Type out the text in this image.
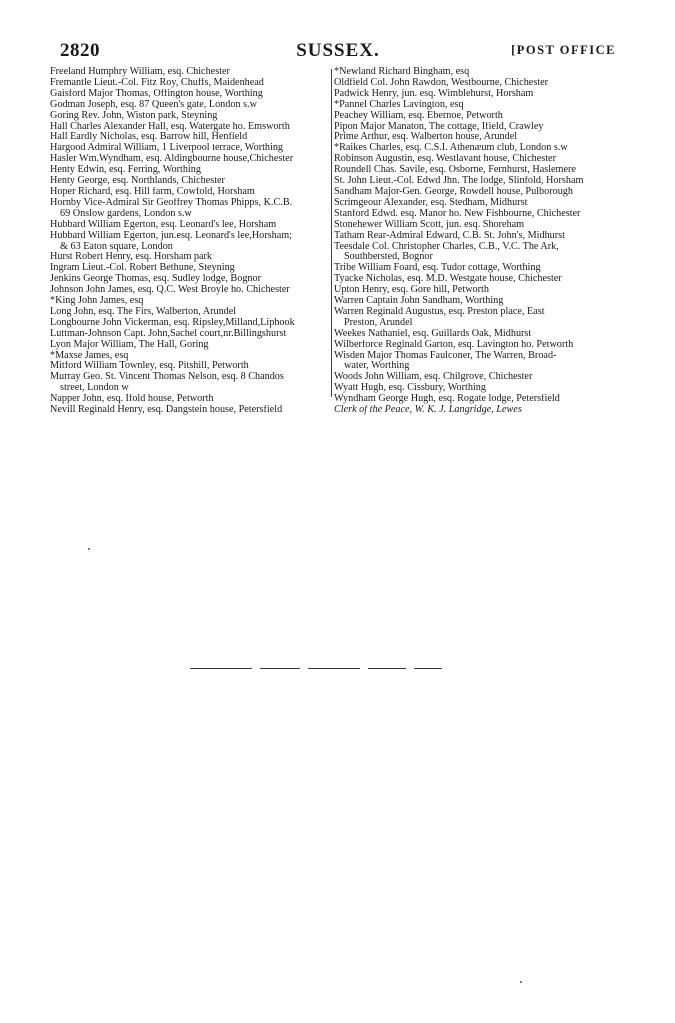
2820	SUSSEX.	[POST OFFICE
Freeland Humphry William, esq. Chichester
Fremantle Lieut.-Col. Fitz Roy, Chuffs, Maidenhead
Gaisford Major Thomas, Offington house, Worthing
Godman Joseph, esq. 87 Queen's gate, London s.w
Goring Rev. John, Wiston park, Steyning
Hall Charles Alexander Hall, esq. Watergate ho. Emsworth
Hall Eardly Nicholas, esq. Barrow hill, Henfield
Hargood Admiral William, 1 Liverpool terrace, Worthing
Hasler Wm.Wyndham, esq. Aldingbourne house,Chichester
Henty Edwin, esq. Ferring, Worthing
Henty George, esq. Northlands, Chichester
Hoper Richard, esq. Hill farm, Cowfold, Horsham
Hornby Vice-Admiral Sir Geoffrey Thomas Phipps, K.C.B.
69 Onslow gardens, London s.w
Hubbard William Egerton, esq. Leonard's lee, Horsham
Hubbard William Egerton, jun.esq. Leonard's lee,Horsham;
& 63 Eaton square, London
Hurst Robert Henry, esq. Horsham park
Ingram Lieut.-Col. Robert Bethune, Steyning
Jenkins George Thomas, esq. Sudley lodge, Bognor
Johnson John James, esq. Q.C. West Broyle ho. Chichester
*King John James, esq
Long John, esq. The Firs, Walberton, Arundel
Longbourne John Vickerman, esq. Ripsley,Milland,Liphook
Luttman-Johnson Capt. John,Sachel court,nr.Billingshurst
Lyon Major William, The Hall, Goring
*Maxse James, esq
Mitford William Townley, esq. Pitshill, Petworth
Murray Geo. St. Vincent Thomas Nelson, esq. 8 Chandos
street, London w
Napper John, esq. Ifold house, Petworth
Nevill Reginald Henry, esq. Dangstein house, Petersfield
*Newland Richard Bingham, esq
Oldfield Col. John Rawdon, Westbourne, Chichester
Padwick Henry, jun. esq. Wimblehurst, Horsham
*Pannel Charles Lavington, esq
Peachey William, esq. Ebernoe, Petworth
Pipon Major Manaton, The cottage, Ifield, Crawley
Prime Arthur, esq. Walberton house, Arundel
*Raikes Charles, esq. C.S.I. Athenæum club, London s.w
Robinson Augustin, esq. Westlavant house, Chichester
Roundell Chas. Savile, esq. Osborne, Fernhurst, Haslemere
St. John Lieut.-Col. Edwd Jhn. The lodge, Slinfold, Horsham
Sandham Major-Gen. George, Rowdell house, Pulborough
Scrimgeour Alexander, esq. Stedham, Midhurst
Stanford Edwd. esq. Manor ho. New Fishbourne, Chichester
Stonehewer William Scott, jun. esq. Shoreham
Tatham Rear-Admiral Edward, C.B. St. John's, Midhurst
Teesdale Col. Christopher Charles, C.B., V.C. The Ark,
Southbersted, Bognor
Tribe William Foard, esq. Tudor cottage, Worthing
Tyacke Nicholas, esq. M.D. Westgate house, Chichester
Upton Henry, esq. Gore hill, Petworth
Warren Captain John Sandham, Worthing
Warren Reginald Augustus, esq. Preston place, East
Preston, Arundel
Weekes Nathaniel, esq. Guillards Oak, Midhurst
Wilberforce Reginald Garton, esq. Lavington ho. Petworth
Wisden Major Thomas Faulconer, The Warren, Broad-
water, Worthing
Woods John William, esq. Chilgrove, Chichester
Wyatt Hugh, esq. Cissbury, Worthing
Wyndham George Hugh, esq. Rogate lodge, Petersfield
Clerk of the Peace, W. K. J. Langridge, Lewes
